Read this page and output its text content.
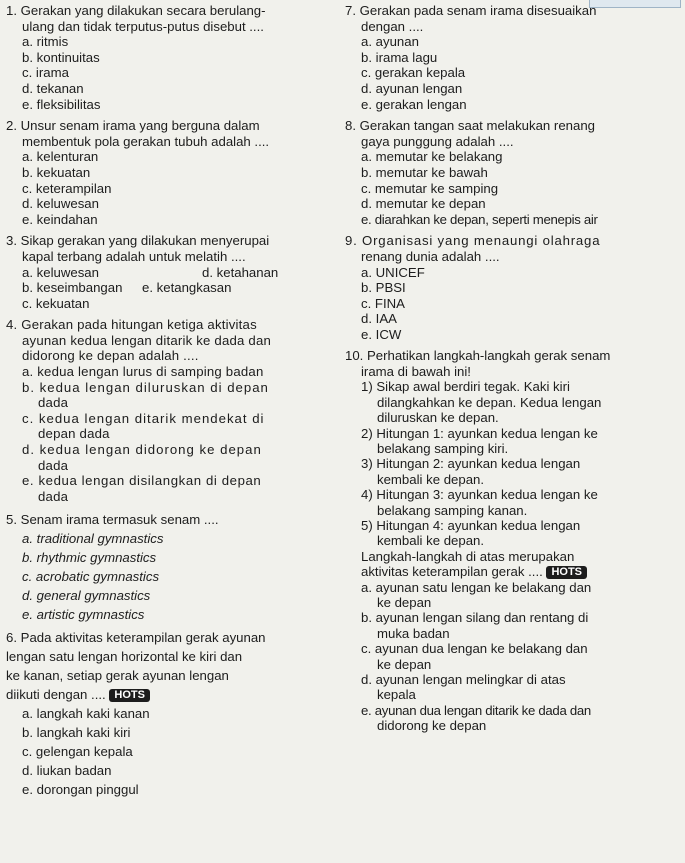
1. Gerakan yang dilakukan secara berulang-

ulang dan tidak terputus-putus disebut ....

a. ritmis

b. kontinuitas

c. irama

d. tekanan

e. fleksibilitas

2. Unsur senam irama yang berguna dalam

membentuk pola gerakan tubuh adalah ....

a. kelenturan

b. kekuatan

c. keterampilan

d. keluwesan

e. keindahan

3. Sikap gerakan yang dilakukan menyerupai

kapal terbang adalah untuk melatih ....

a. keluwesan	d. ketahanan
b. keseimbangan	e. ketangkasan
c. kekuatan

4. Gerakan pada hitungan ketiga aktivitas

ayunan kedua lengan ditarik ke dada dan

didorong ke depan adalah ....

a. kedua lengan lurus di samping badan

b. kedua lengan diluruskan di depan

dada

c. kedua lengan ditarik mendekat di

depan dada

d. kedua lengan didorong ke depan

dada

e. kedua lengan disilangkan di depan

dada

5. Senam irama termasuk senam ....

a. traditional gymnastics

b. rhythmic gymnastics

c. acrobatic gymnastics

d. general gymnastics

e. artistic gymnastics

6. Pada aktivitas keterampilan gerak ayunan

lengan satu lengan horizontal ke kiri dan

ke kanan, setiap gerak ayunan lengan

diikuti dengan .... HOTS

a. langkah kaki kanan

b. langkah kaki kiri

c. gelengan kepala

d. liukan badan

e. dorongan pinggul

7. Gerakan pada senam irama disesuaikan

dengan ....

a. ayunan

b. irama lagu

c. gerakan kepala

d. ayunan lengan

e. gerakan lengan

8. Gerakan tangan saat melakukan renang

gaya punggung adalah ....

a. memutar ke belakang

b. memutar ke bawah

c. memutar ke samping

d. memutar ke depan

e. diarahkan ke depan, seperti menepis air

9. Organisasi yang menaungi olahraga

renang dunia adalah ....

a. UNICEF

b. PBSI

c. FINA

d. IAA

e. ICW

10. Perhatikan langkah-langkah gerak senam

irama di bawah ini!

1) Sikap awal berdiri tegak. Kaki kiri

dilangkahkan ke depan. Kedua lengan

diluruskan ke depan.

2) Hitungan 1: ayunkan kedua lengan ke

belakang samping kiri.

3) Hitungan 2: ayunkan kedua lengan

kembali ke depan.

4) Hitungan 3: ayunkan kedua lengan ke

belakang samping kanan.

5) Hitungan 4: ayunkan kedua lengan

kembali ke depan.

Langkah-langkah di atas merupakan

aktivitas keterampilan gerak .... HOTS

a. ayunan satu lengan ke belakang dan

ke depan

b. ayunan lengan silang dan rentang di

muka badan

c. ayunan dua lengan ke belakang dan

ke depan

d. ayunan lengan melingkar di atas

kepala

e. ayunan dua lengan ditarik ke dada dan

didorong ke depan
